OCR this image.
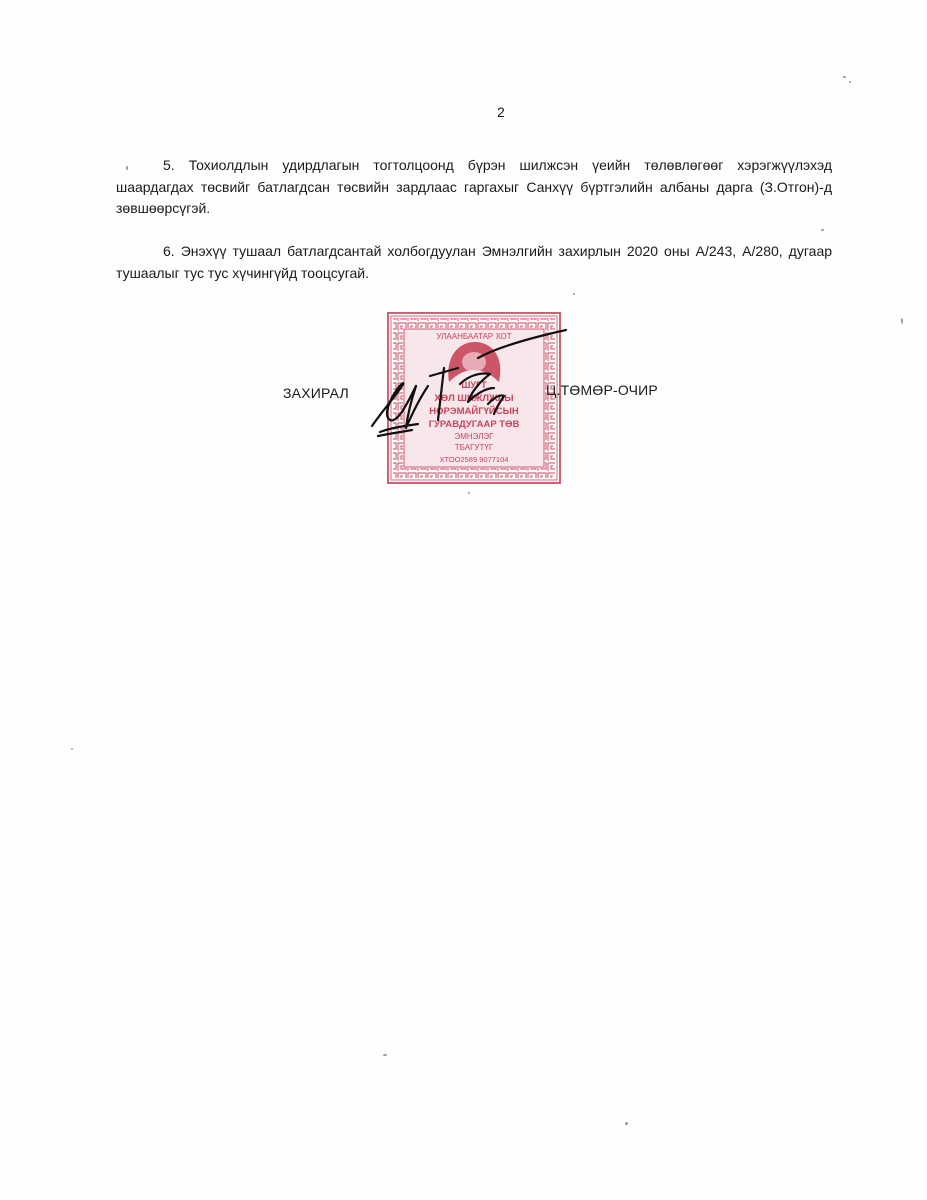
2

5. Тохиолдлын удирдлагын тогтолцоонд бүрэн шилжсэн үеийн төлөвлөгөөг хэрэгжүүлэхэд шаардагдах төсвийг батлагдсан төсвийн зардлаас гаргахыг Санхүү бүртгэлийн албаны дарга (З.Отгон)-д зөвшөөрсүгэй.

6. Энэхүү тушаал батлагдсантай холбогдуулан Эмнэлгийн захирлын 2020 оны А/243, А/280, дугаар тушаалыг тус тус хүчингүйд тооцсугай.

ЗАХИРАЛ
УЛААНБААТАР ХОТ
ШУГТ
ХӨЛ ШИЖЛЖЛЫ
НОРЭМАЙГҮЙСЫН
ГУРАВДУГААР ТӨВ
ЭМНЭЛЭГ
ТБАГУТҮГ
ХТОО2589 9077104
Ц.ТӨМӨР-ОЧИР
